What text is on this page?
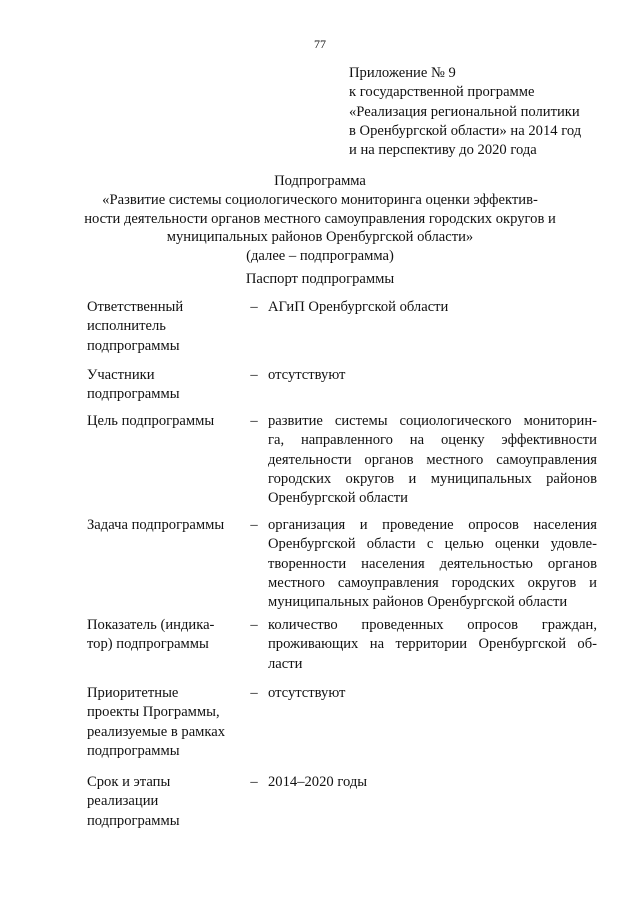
77
Приложение № 9
к государственной программе
«Реализация региональной политики
в Оренбургской области» на 2014 год
и на перспективу до 2020 года
Подпрограмма
«Развитие системы социологического мониторинга оценки эффектив-
ности деятельности органов местного самоуправления городских округов и
муниципальных районов Оренбургской области»
(далее – подпрограмма)
Паспорт подпрограммы
Ответственный
исполнитель
подпрограммы
– АГиП Оренбургской области
Участники
подпрограммы
– отсутствуют
Цель подпрограммы	– развитие системы социологического мониторин-
га, направленного на оценку эффективности
деятельности органов местного самоуправления
городских округов и муниципальных районов
Оренбургской области
Задача подпрограммы	– организация и проведение опросов населения
Оренбургской области с целью оценки удовле-
творенности населения деятельностью органов
местного самоуправления городских округов и
муниципальных районов Оренбургской области
Показатель (индика-
тор) подпрограммы
– количество проведенных опросов граждан,
проживающих на территории Оренбургской об-
ласти
Приоритетные
проекты Программы,
реализуемые в рамках
подпрограммы
– отсутствуют
Срок и этапы
реализации
подпрограммы
– 2014–2020 годы
